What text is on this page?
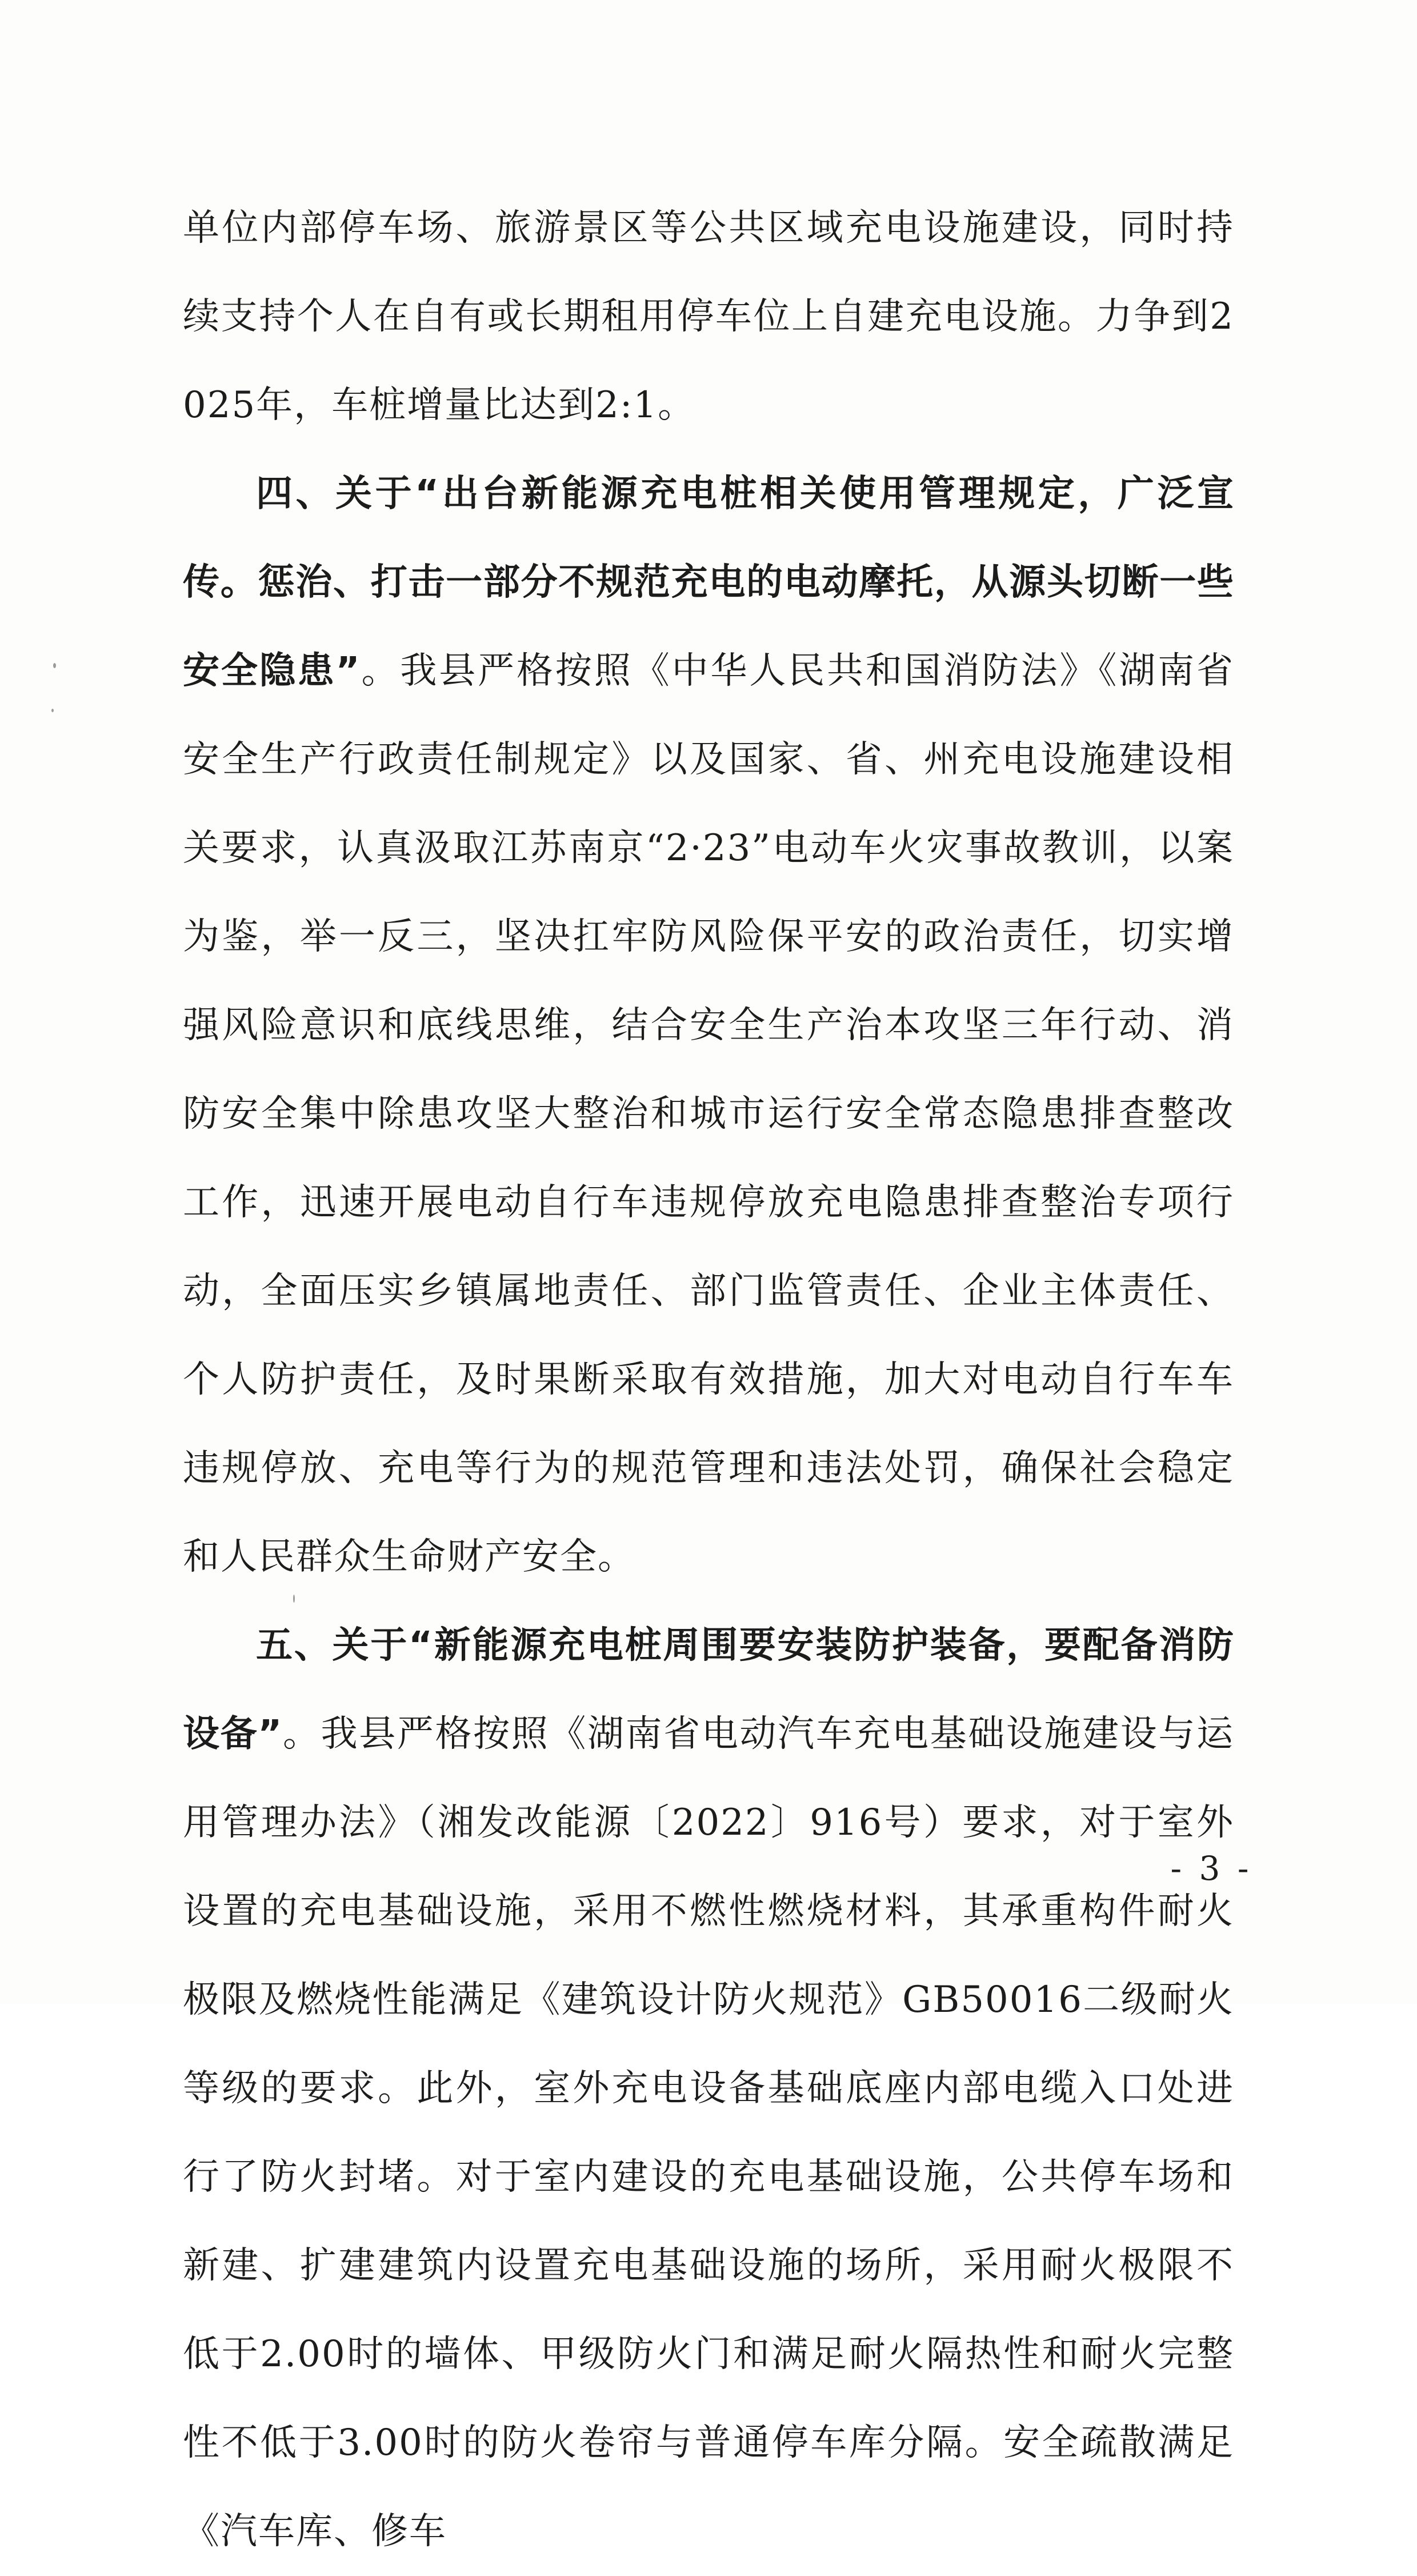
单位内部停车场、旅游景区等公共区域充电设施建设，同时持续支持个人在自有或长期租用停车位上自建充电设施。力争到2025年，车桩增量比达到2:1。

四、关于“出台新能源充电桩相关使用管理规定，广泛宣传。惩治、打击一部分不规范充电的电动摩托，从源头切断一些安全隐患”。我县严格按照《中华人民共和国消防法》《湖南省安全生产行政责任制规定》以及国家、省、州充电设施建设相关要求，认真汲取江苏南京“2·23”电动车火灾事故教训，以案为鉴，举一反三，坚决扛牢防风险保平安的政治责任，切实增强风险意识和底线思维，结合安全生产治本攻坚三年行动、消防安全集中除患攻坚大整治和城市运行安全常态隐患排查整改工作，迅速开展电动自行车违规停放充电隐患排查整治专项行动，全面压实乡镇属地责任、部门监管责任、企业主体责任、个人防护责任，及时果断采取有效措施，加大对电动自行车车违规停放、充电等行为的规范管理和违法处罚，确保社会稳定和人民群众生命财产安全。

五、关于“新能源充电桩周围要安装防护装备，要配备消防设备”。我县严格按照《湖南省电动汽车充电基础设施建设与运用管理办法》（湘发改能源〔2022〕916号）要求，对于室外设置的充电基础设施，采用不燃性燃烧材料，其承重构件耐火极限及燃烧性能满足《建筑设计防火规范》GB50016二级耐火等级的要求。此外，室外充电设备基础底座内部电缆入口处进行了防火封堵。对于室内建设的充电基础设施，公共停车场和新建、扩建建筑内设置充电基础设施的场所，采用耐火极限不低于2.00时的墙体、甲级防火门和满足耐火隔热性和耐火完整性不低于3.00时的防火卷帘与普通停车库分隔。安全疏散满足《汽车库、修车

- 3 -
